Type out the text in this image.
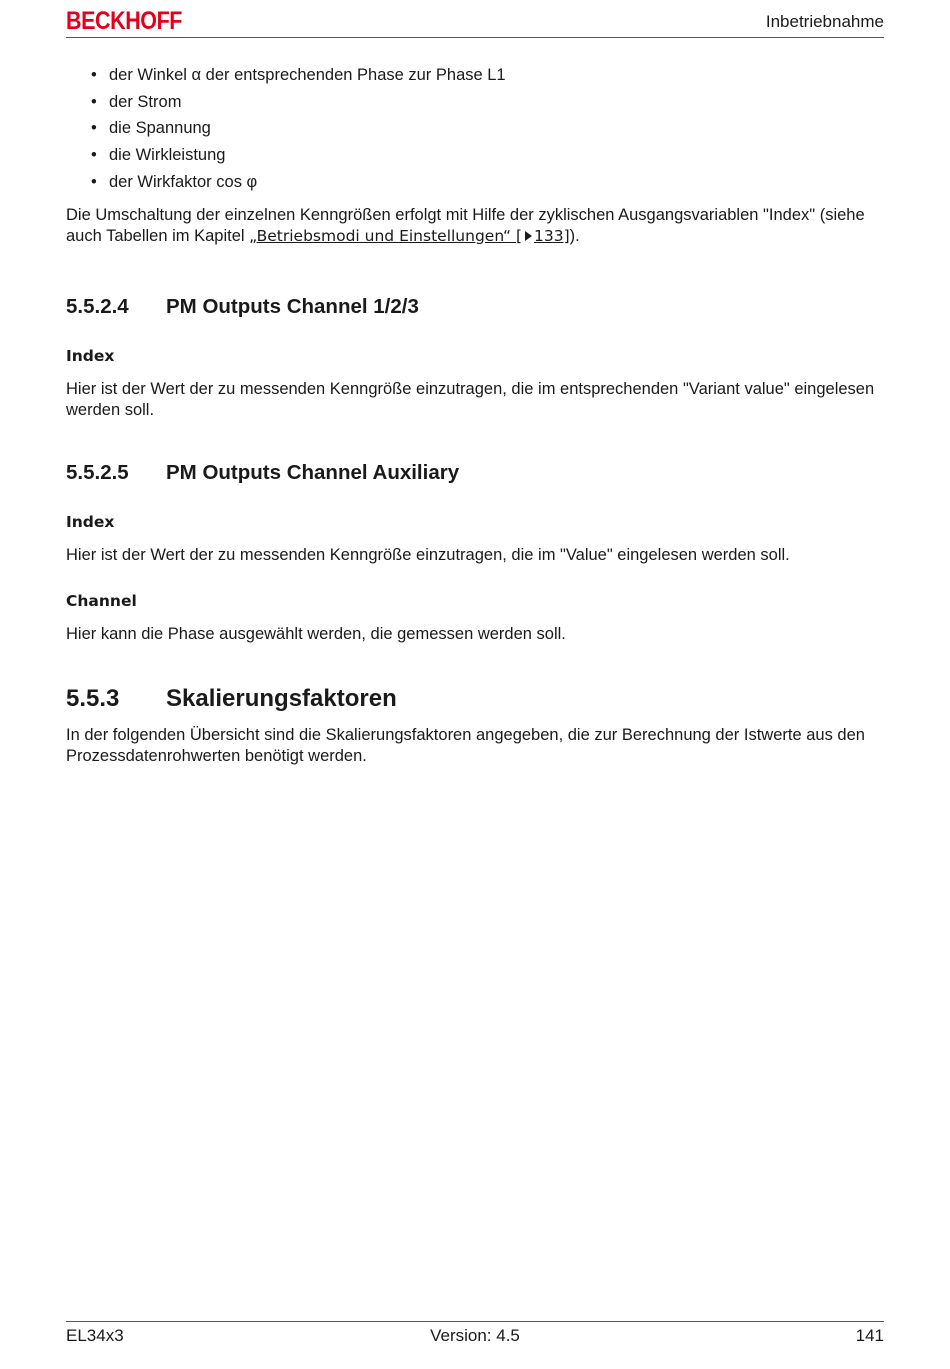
BECKHOFF	Inbetriebnahme
• der Winkel α der entsprechenden Phase zur Phase L1
• der Strom
• die Spannung
• die Wirkleistung
• der Wirkfaktor cos φ

Die Umschaltung der einzelnen Kenngrößen erfolgt mit Hilfe der zyklischen Ausgangsvariablen "Index" (siehe auch Tabellen im Kapitel „Betriebsmodi und Einstellungen“ [ 133]).

5.5.2.4	PM Outputs Channel 1/2/3
Index

Hier ist der Wert der zu messenden Kenngröße einzutragen, die im entsprechenden "Variant value" eingelesen werden soll.

5.5.2.5	PM Outputs Channel Auxiliary
Index

Hier ist der Wert der zu messenden Kenngröße einzutragen, die im "Value" eingelesen werden soll.

Channel

Hier kann die Phase ausgewählt werden, die gemessen werden soll.

5.5.3	Skalierungsfaktoren

In der folgenden Übersicht sind die Skalierungsfaktoren angegeben, die zur Berechnung der Istwerte aus den Prozessdatenrohwerten benötigt werden.

Version: 4.5
EL34x3	141
